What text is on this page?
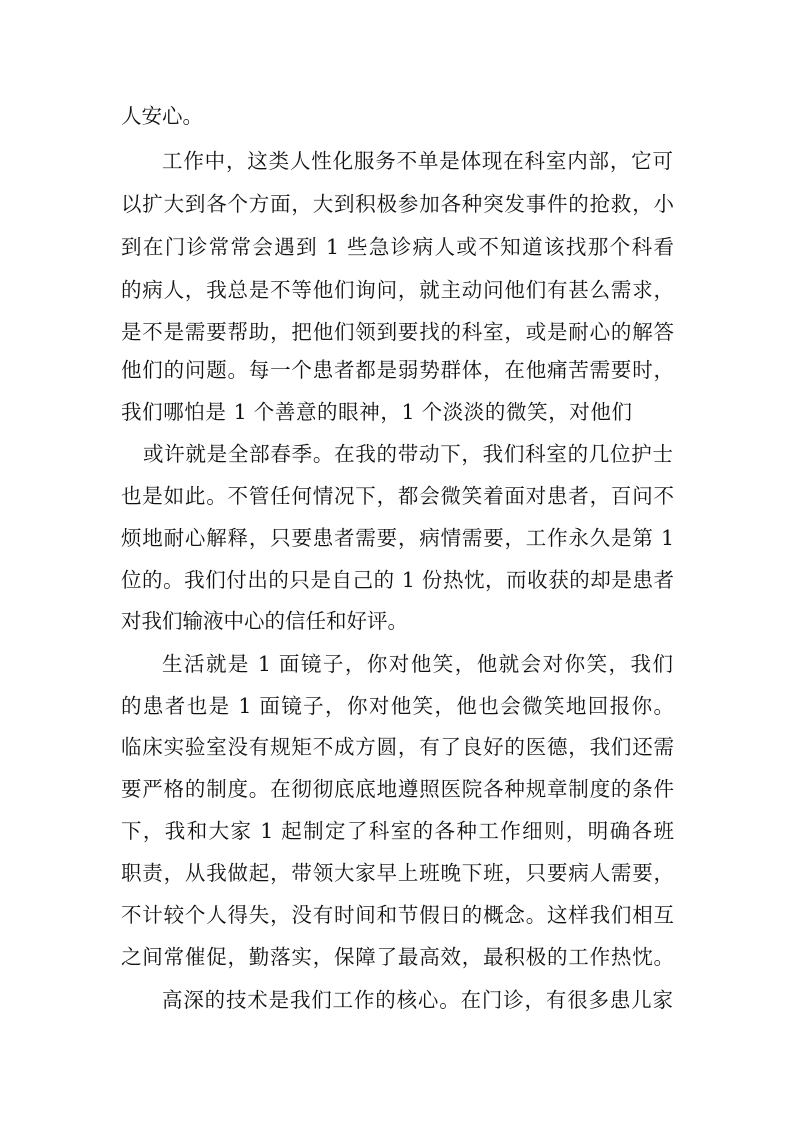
人安心。

工作中，这类人性化服务不单是体现在科室内部，它可

以扩大到各个方面，大到积极参加各种突发事件的抢救，小

到在门诊常常会遇到 1 些急诊病人或不知道该找那个科看

的病人，我总是不等他们询问，就主动问他们有甚么需求，

是不是需要帮助，把他们领到要找的科室，或是耐心的解答

他们的问题。每一个患者都是弱势群体，在他痛苦需要时，

我们哪怕是 1 个善意的眼神，1 个淡淡的微笑，对他们

或许就是全部春季。在我的带动下，我们科室的几位护士

也是如此。不管任何情况下，都会微笑着面对患者，百问不

烦地耐心解释，只要患者需要，病情需要，工作永久是第 1

位的。我们付出的只是自己的 1 份热忱，而收获的却是患者

对我们输液中心的信任和好评。

生活就是 1 面镜子，你对他笑，他就会对你笑，我们

的患者也是 1 面镜子，你对他笑，他也会微笑地回报你。

临床实验室没有规矩不成方圆，有了良好的医德，我们还需

要严格的制度。在彻彻底底地遵照医院各种规章制度的条件

下，我和大家 1 起制定了科室的各种工作细则，明确各班

职责，从我做起，带领大家早上班晚下班，只要病人需要，

不计较个人得失，没有时间和节假日的概念。这样我们相互

之间常催促，勤落实，保障了最高效，最积极的工作热忱。

高深的技术是我们工作的核心。在门诊，有很多患儿家
